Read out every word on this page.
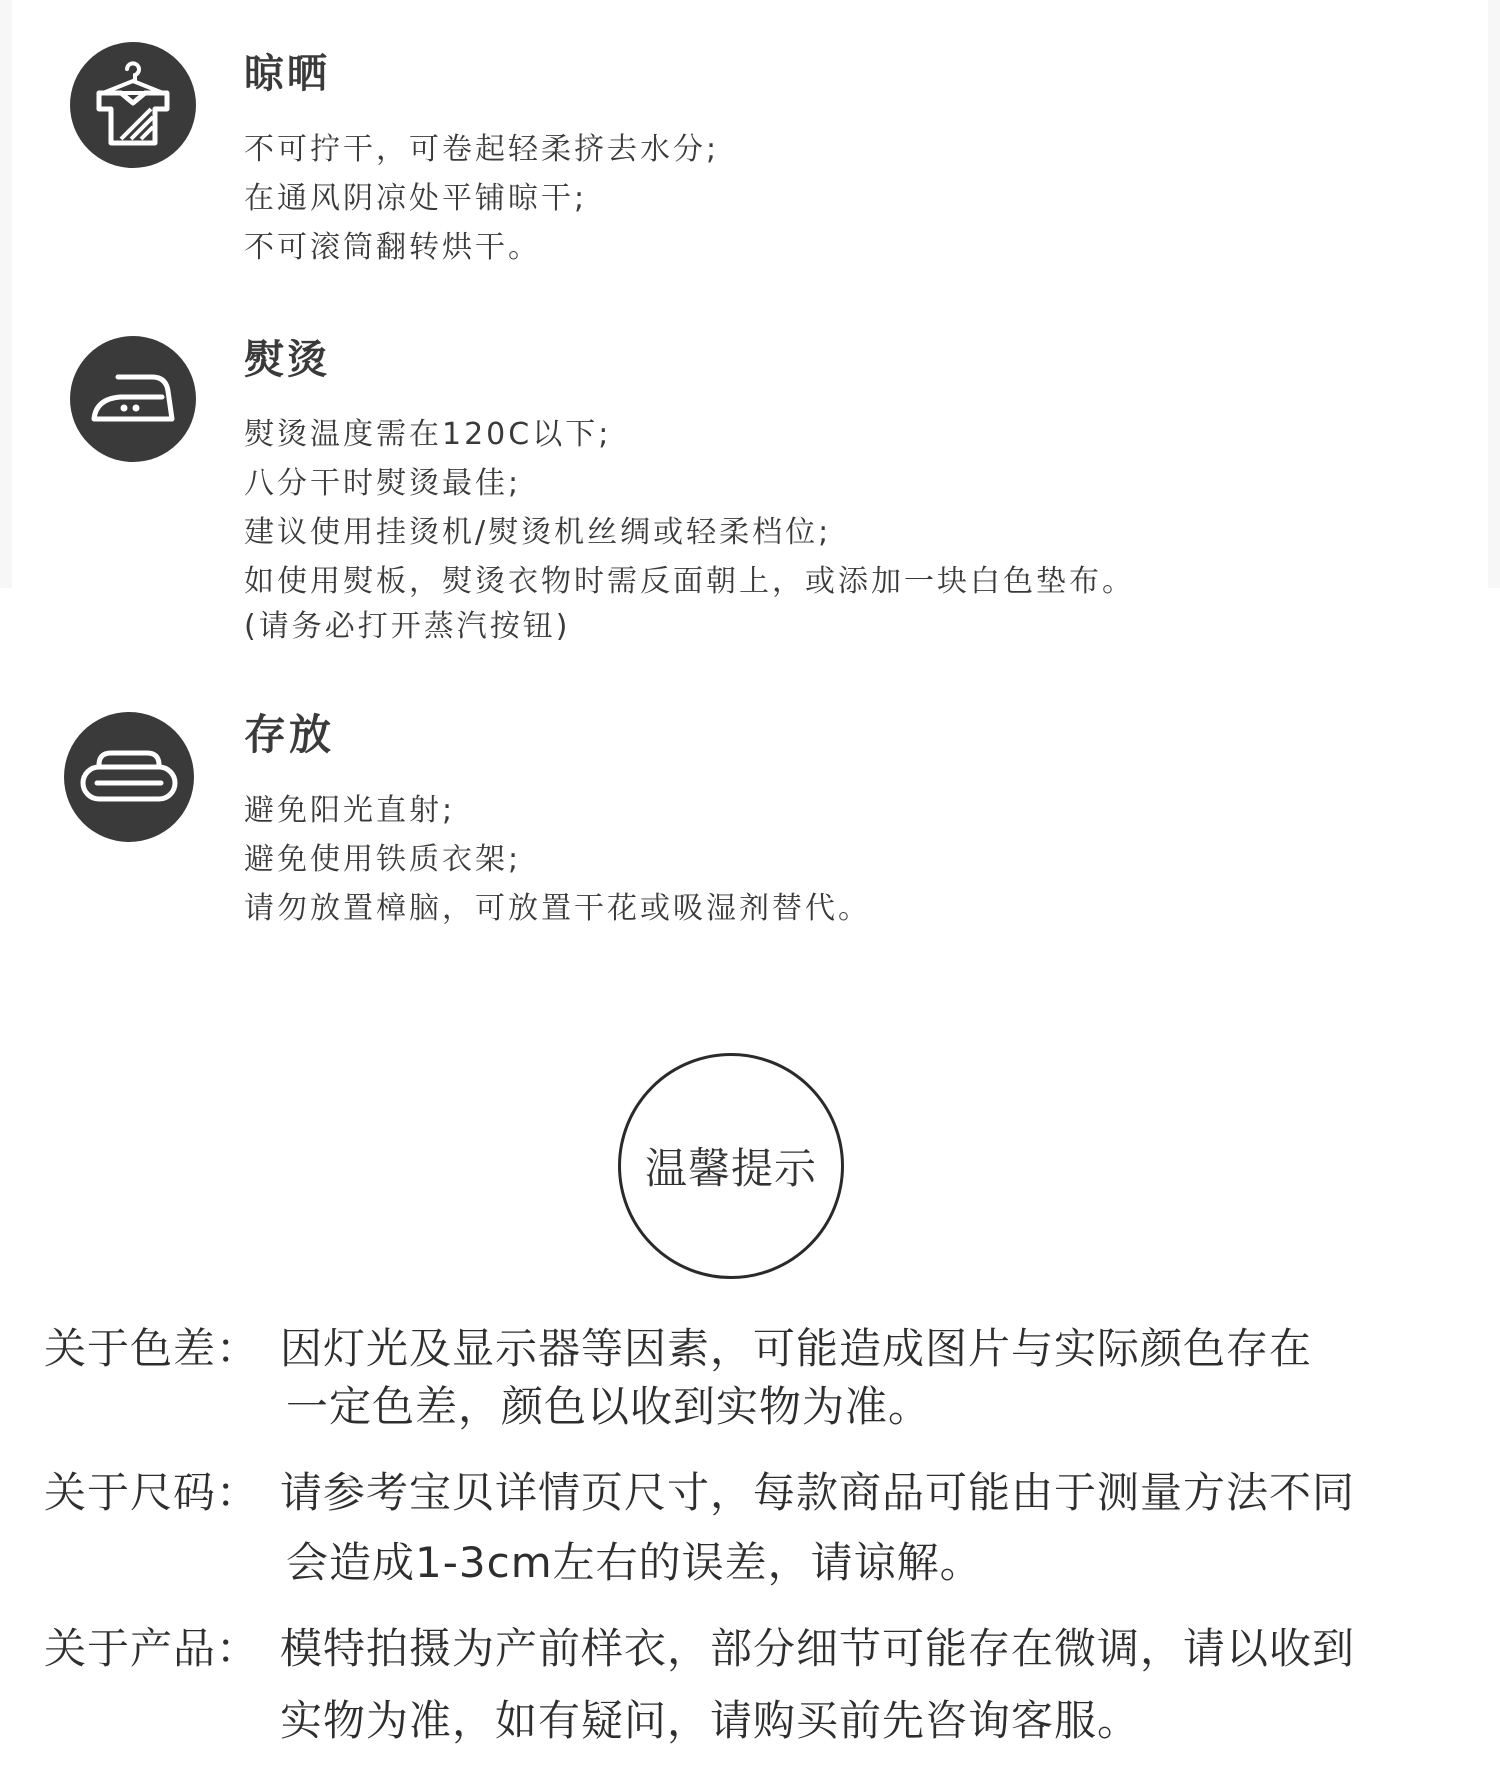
晾晒
不可拧干，可卷起轻柔挤去水分;
在通风阴凉处平铺晾干;
不可滚筒翻转烘干。
熨烫
熨烫温度需在120C以下;
八分干时熨烫最佳;
建议使用挂烫机/熨烫机丝绸或轻柔档位;
如使用熨板，熨烫衣物时需反面朝上，或添加一块白色垫布。
(请务必打开蒸汽按钮)
存放
避免阳光直射;
避免使用铁质衣架;
请勿放置樟脑，可放置干花或吸湿剂替代。
温馨提示
关于色差： 因灯光及显示器等因素，可能造成图片与实际颜色存在
一定色差，颜色以收到实物为准。
关于尺码： 请参考宝贝详情页尺寸，每款商品可能由于测量方法不同
会造成1-3cm左右的误差，请谅解。
关于产品： 模特拍摄为产前样衣，部分细节可能存在微调，请以收到
实物为准，如有疑问，请购买前先咨询客服。
